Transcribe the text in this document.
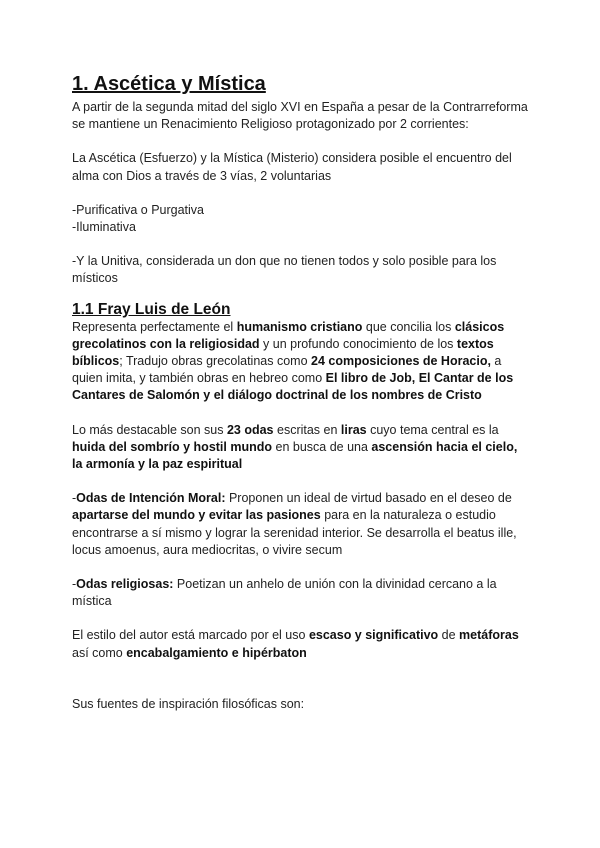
1. Ascética y Mística

A partir de la segunda mitad del siglo XVI en España a pesar de la Contrarreforma se mantiene un Renacimiento Religioso protagonizado por 2 corrientes:

La Ascética (Esfuerzo) y la Mística (Misterio) considera posible el encuentro del alma con Dios a través de 3 vías, 2 voluntarias

-Purificativa o Purgativa

-Iluminativa

-Y la Unitiva, considerada un don que no tienen todos y solo posible para los místicos

1.1 Fray Luis de León

Representa perfectamente el humanismo cristiano que concilia los clásicos grecolatinos con la religiosidad y un profundo conocimiento de los textos bíblicos; Tradujo obras grecolatinas como 24 composiciones de Horacio, a quien imita, y también obras en hebreo como El libro de Job, El Cantar de los Cantares de Salomón y el diálogo doctrinal de los nombres de Cristo

Lo más destacable son sus 23 odas escritas en liras cuyo tema central es la huida del sombrío y hostil mundo en busca de una ascensión hacia el cielo, la armonía y la paz espiritual

-Odas de Intención Moral: Proponen un ideal de virtud basado en el deseo de apartarse del mundo y evitar las pasiones para en la naturaleza o estudio encontrarse a sí mismo y lograr la serenidad interior. Se desarrolla el beatus ille, locus amoenus, aura mediocritas, o vivire secum

-Odas religiosas: Poetizan un anhelo de unión con la divinidad cercano a la mística

El estilo del autor está marcado por el uso escaso y significativo de metáforas así como encabalgamiento e hipérbaton

Sus fuentes de inspiración filosóficas son:
